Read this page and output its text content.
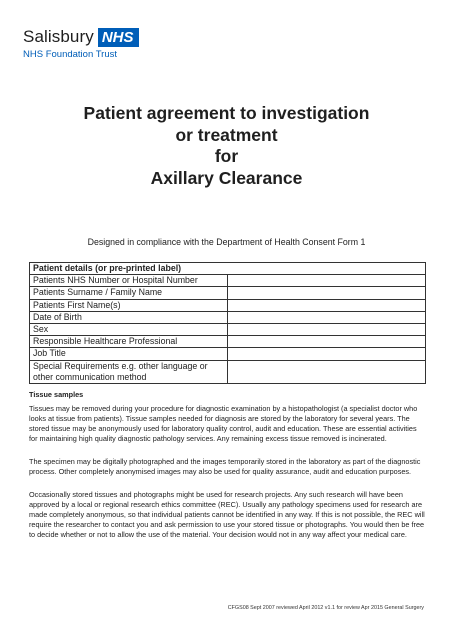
Salisbury NHS
NHS Foundation Trust
Patient agreement to investigation
or treatment
for
Axillary Clearance
Designed in compliance with the Department of Health Consent Form 1
Patient details (or pre-printed label)	
Patients NHS Number or Hospital Number	
Patients Surname / Family Name	
Patients First Name(s)	
Date of Birth	
Sex	
Responsible Healthcare Professional	
Job Title	
Special Requirements e.g. other language or other communication method	
Tissue samples

Tissues may be removed during your procedure for diagnostic examination by a histopathologist (a specialist doctor who looks at tissue from patients). Tissue samples needed for diagnosis are stored by the laboratory for several years. The stored tissue may be anonymously used for laboratory quality control, audit and education. These are essential activities for maintaining high quality diagnostic pathology services. Any remaining excess tissue removed is incinerated.

The specimen may be digitally photographed and the images temporarily stored in the laboratory as part of the diagnostic process. Other completely anonymised images may also be used for quality assurance, audit and education purposes.

Occasionally stored tissues and photographs might be used for research projects. Any such research will have been approved by a local or regional research ethics committee (REC). Usually any pathology specimens used for research are made completely anonymous, so that individual patients cannot be identified in any way. If this is not possible, the REC will require the researcher to contact you and ask permission to use your stored tissue or photographs. You would then be free to decide whether or not to allow the use of the material. Your decision would not in any way affect your medical care.

CFGS08 Sept 2007 reviewed April 2012 v1.1 for review Apr 2015 General Surgery
